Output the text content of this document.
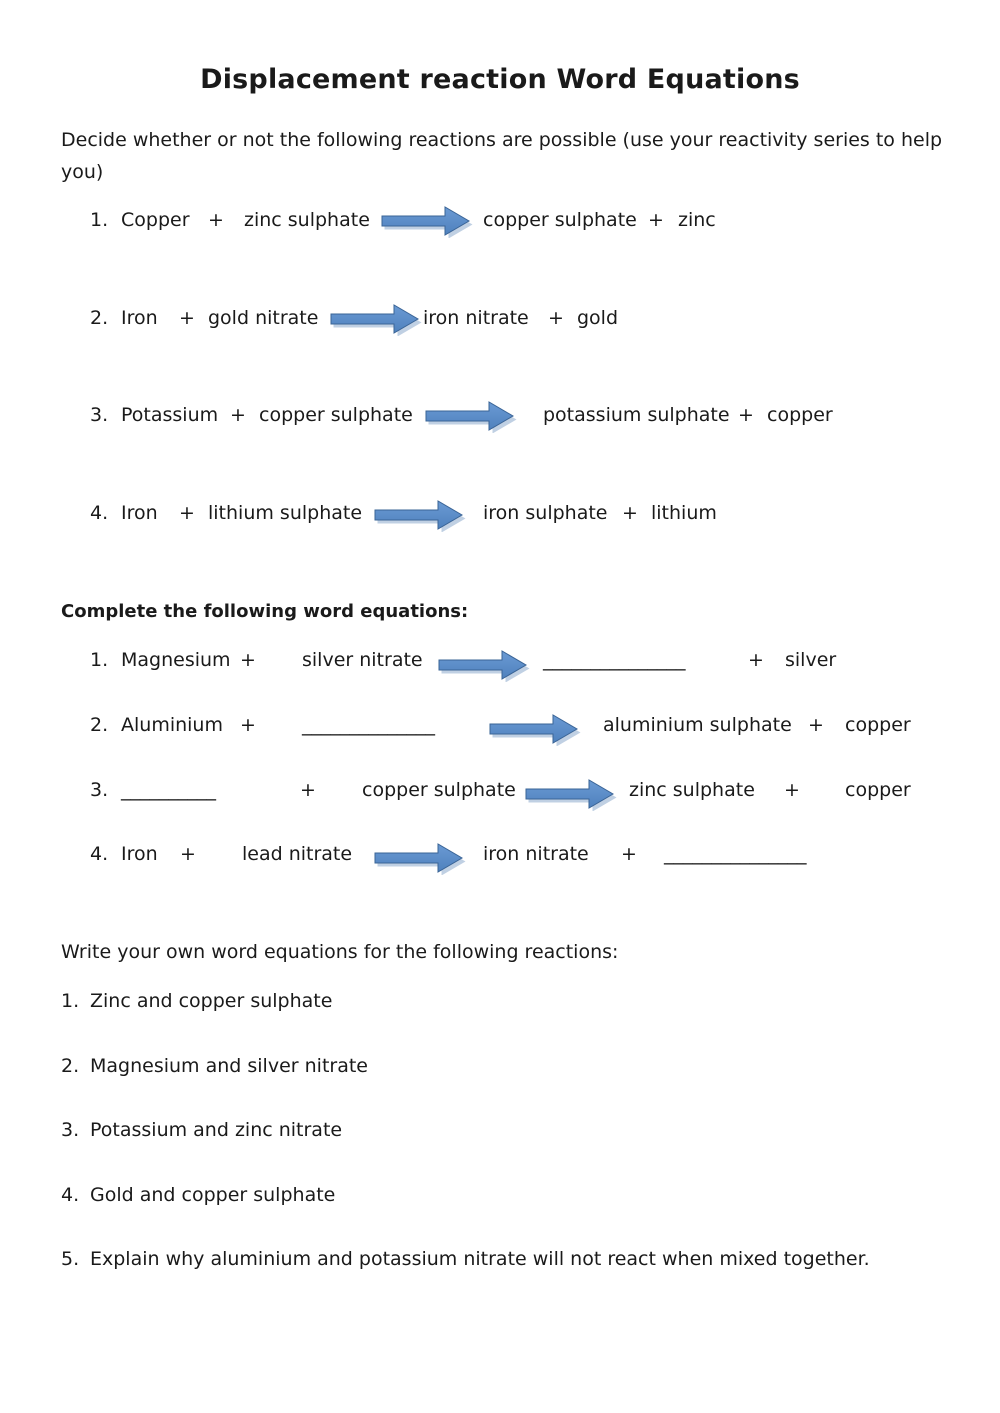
Displacement reaction Word Equations
Decide whether or not the following reactions are possible (use your reactivity series to help
you)
1. Copper + zinc sulphate	copper sulphate + zinc
2. Iron + gold nitrate	iron nitrate + gold
3. Potassium + copper sulphate	potassium sulphate + copper
4. Iron + lithium sulphate	iron sulphate + lithium
Complete the following word equations:
1. Magnesium + silver nitrate	_______________	+ silver
2. Aluminium + ______________	aluminium sulphate + copper
3. __________	+ copper sulphate	zinc sulphate + copper
4. Iron + lead nitrate	iron nitrate + _______________
Write your own word equations for the following reactions:
1. Zinc and copper sulphate
2. Magnesium and silver nitrate
3. Potassium and zinc nitrate
4. Gold and copper sulphate
5. Explain why aluminium and potassium nitrate will not react when mixed together.
